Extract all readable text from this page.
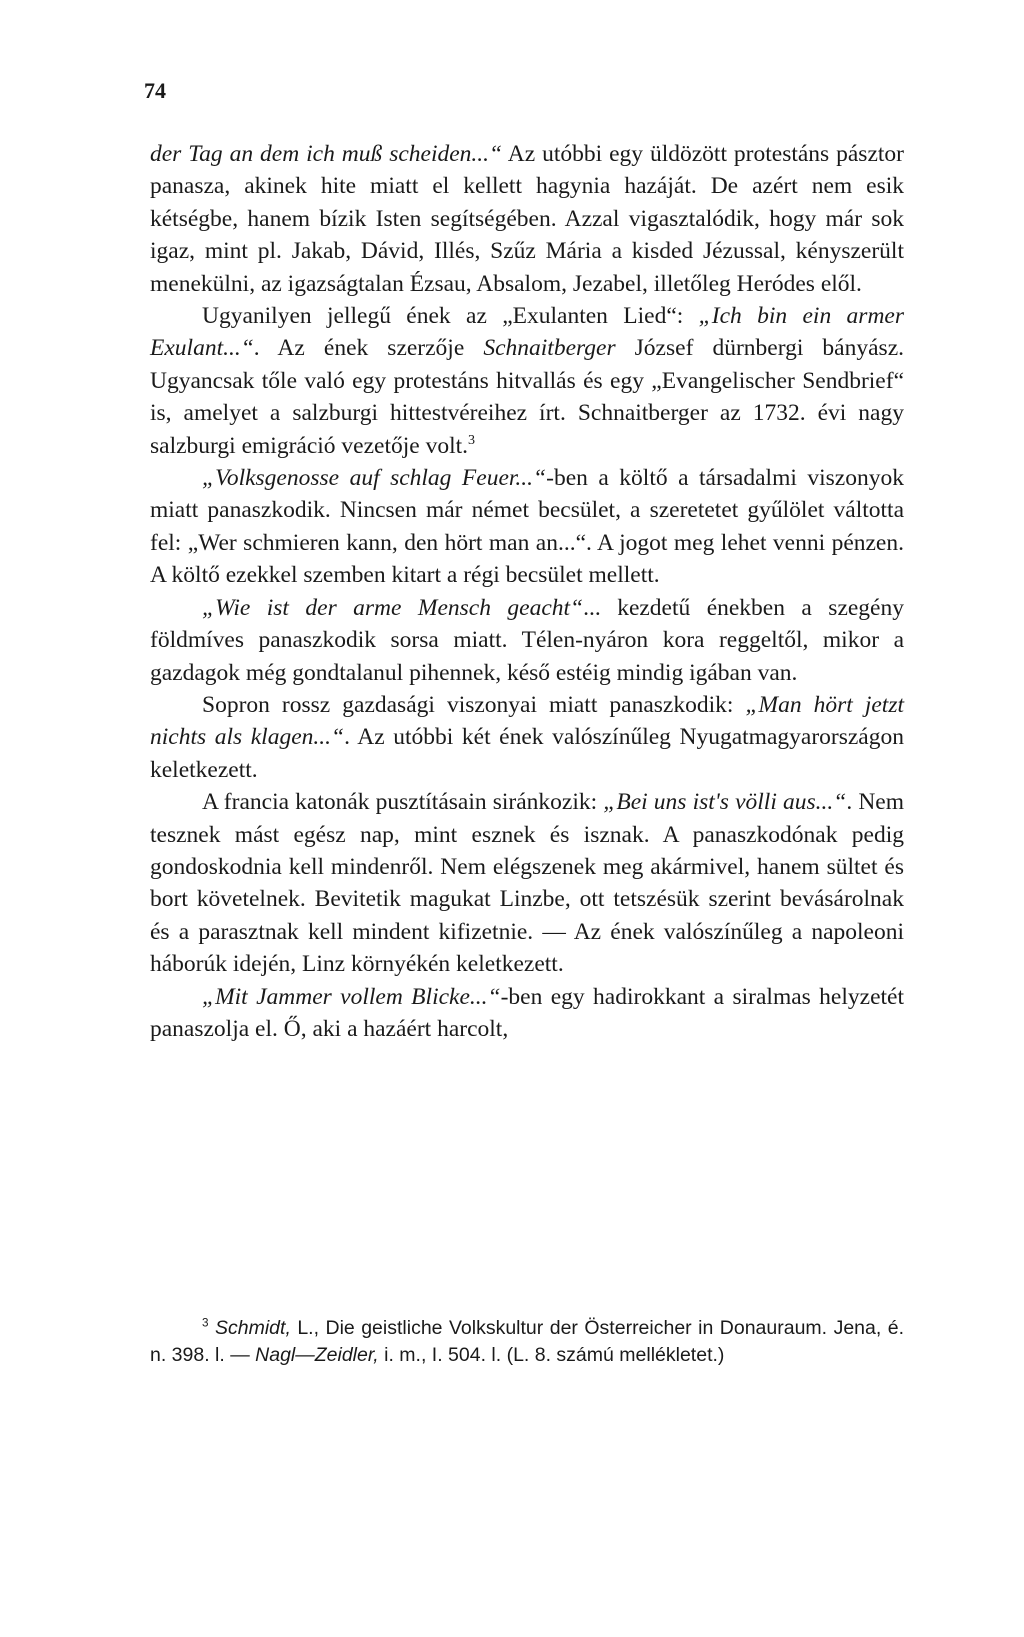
74

der Tag an dem ich muß scheiden...“ Az utóbbi egy üldözött protestáns pásztor panasza, akinek hite miatt el kellett hagynia hazáját. De azért nem esik kétségbe, hanem bízik Isten segítségében. Azzal vigasztalódik, hogy már sok igaz, mint pl. Jakab, Dávid, Illés, Szűz Mária a kisded Jézussal, kényszerült menekülni, az igazságtalan Ézsau, Absalom, Jezabel, illetőleg Heródes elől.

Ugyanilyen jellegű ének az „Exulanten Lied“: „Ich bin ein armer Exulant...“. Az ének szerzője Schnaitberger József dürnbergi bányász. Ugyancsak tőle való egy protestáns hitvallás és egy „Evangelischer Sendbrief“ is, amelyet a salzburgi hittestvéreihez írt. Schnaitberger az 1732. évi nagy salzburgi emigráció vezetője volt.$^3$

„Volksgenosse auf schlag Feuer...“-ben a költő a társadalmi viszonyok miatt panaszkodik. Nincsen már német becsület, a szeretetet gyűlölet váltotta fel: „Wer schmieren kann, den hört man an...“. A jogot meg lehet venni pénzen. A költő ezekkel szemben kitart a régi becsület mellett.

„Wie ist der arme Mensch geacht“... kezdetű énekben a szegény földmíves panaszkodik sorsa miatt. Télen-nyáron kora reggeltől, mikor a gazdagok még gondtalanul pihennek, késő estéig mindig igában van.

Sopron rossz gazdasági viszonyai miatt panaszkodik: „Man hört jetzt nichts als klagen...“. Az utóbbi két ének valószínűleg Nyugatmagyarországon keletkezett.

A francia katonák pusztításain siránkozik: „Bei uns ist's völli aus...“. Nem tesznek mást egész nap, mint esznek és isznak. A panaszkodónak pedig gondoskodnia kell mindenről. Nem elégszenek meg akármivel, hanem sültet és bort követelnek. Bevitetik magukat Linzbe, ott tetszésük szerint bevásárolnak és a parasztnak kell mindent kifizetnie. — Az ének valószínűleg a napoleoni háborúk idején, Linz környékén keletkezett.

„Mit Jammer vollem Blicke...“-ben egy hadirokkant a siralmas helyzetét panaszolja el. Ő, aki a hazáért harcolt,

$^3$ Schmidt, L., Die geistliche Volkskultur der Österreicher in Donauraum. Jena, é. n. 398. l. — Nagl—Zeidler, i. m., I. 504. l. (L. 8. számú mellékletet.)
